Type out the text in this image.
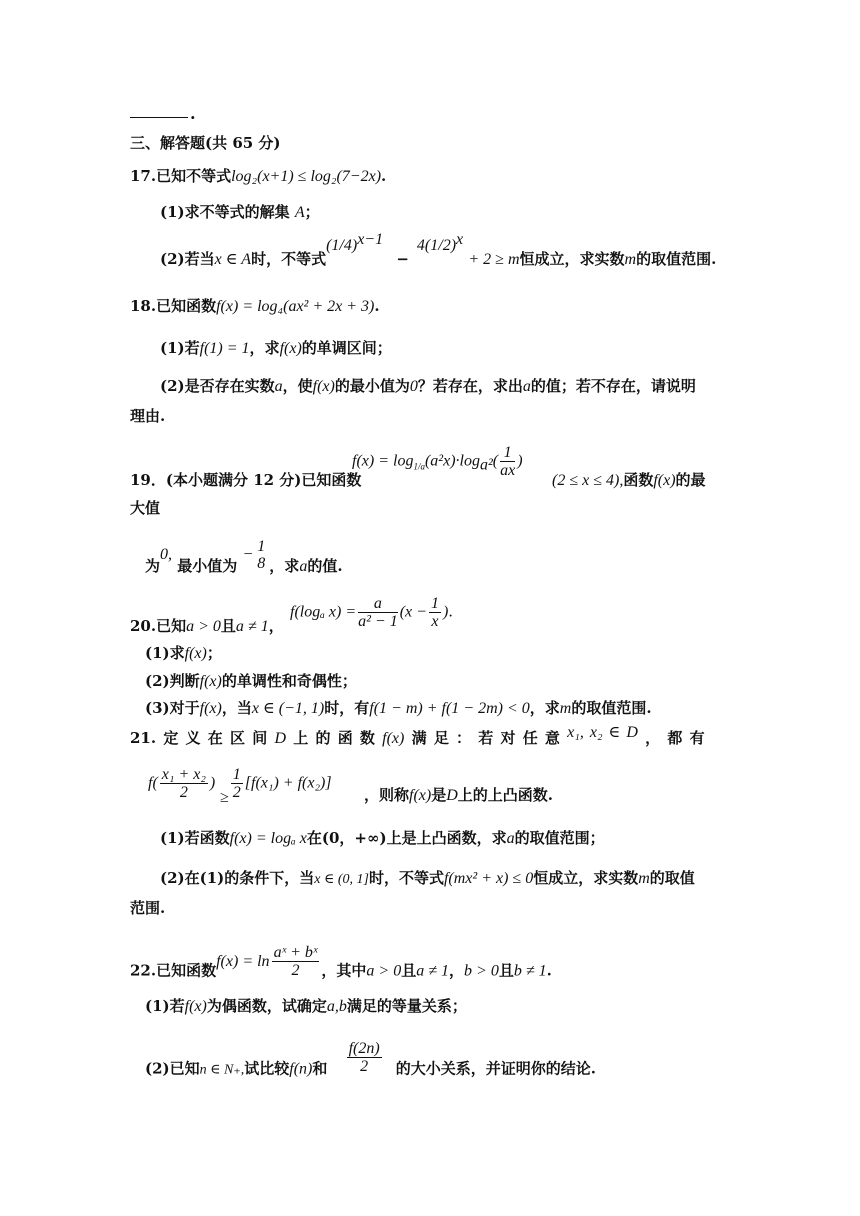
.
三、解答题(共 65 分)
17.已知不等式log₂(x+1) ≤ log₂(7−2x).
(1)求不等式的解集 A；
(2)若当x ∈ A时，不等式$(1/4)^{x-1} -4(1/2)^x + 2 \ge m$恒成立，求实数m的取值范围.
18.已知函数f(x) = log₄(ax² + 2x + 3).
(1)若f(1) = 1，求f(x)的单调区间；
(2)是否存在实数a，使f(x)的最小值为0？若存在，求出a的值；若不存在，请说明
理由.
$f(x) = \log_{1/a}(a^2x)\cdot\log_{a^2}( \frac{1}{ax}$ )
19．(本小题满分 12 分)已知函数	(2 ≤ x ≤ 4),函数f(x)的最
大值
为0, 最小值为 − 1
8 ，求a的值.
f(logₐ $x) = \frac{a}{\text{a² − 1}} (x - \frac{1}{x}$ ).
20.已知a > 0且a ≠ 1，
(1)求f(x)；
(2)判断f(x)的单调性和奇偶性；
(3)对于f(x)，当x ∈ (−1, 1)时，有f(1 − m) + f(1 − 2m) < 0，求m的取值范围.
21. 定 义 在 区 间 D 上 的 函 数 f(x) 满 足 ： 若 对 任 意 x₁, x₂ ∈ D ， 都 有
$f( \frac{\text{x₁ + x₂}}{2}$ ) ≥ $\frac{1}{2} [f(x_1) + f(x_2)]$
，则称f(x)是D上的上凸函数.
(1)若函数f(x) = logₐ x在(0，+∞)上是上凸函数，求a的取值范围；
(2)在(1)的条件下，当x ∈ (0, 1]时，不等式f(mx² + x) ≤ 0恒成立，求实数m的取值
范围.
22.已知函数$f(x) = \ln \frac{\text{aˣ + bˣ}}{2}$ ，其中a > 0且a ≠ 1，b > 0且b ≠ 1.
(1)若f(x)为偶函数，试确定a,b满足的等量关系；
(2)已知n ∈ N₊,试比较f(n)和 $\frac{f(2n)}{2}$ 的大小关系，并证明你的结论.
